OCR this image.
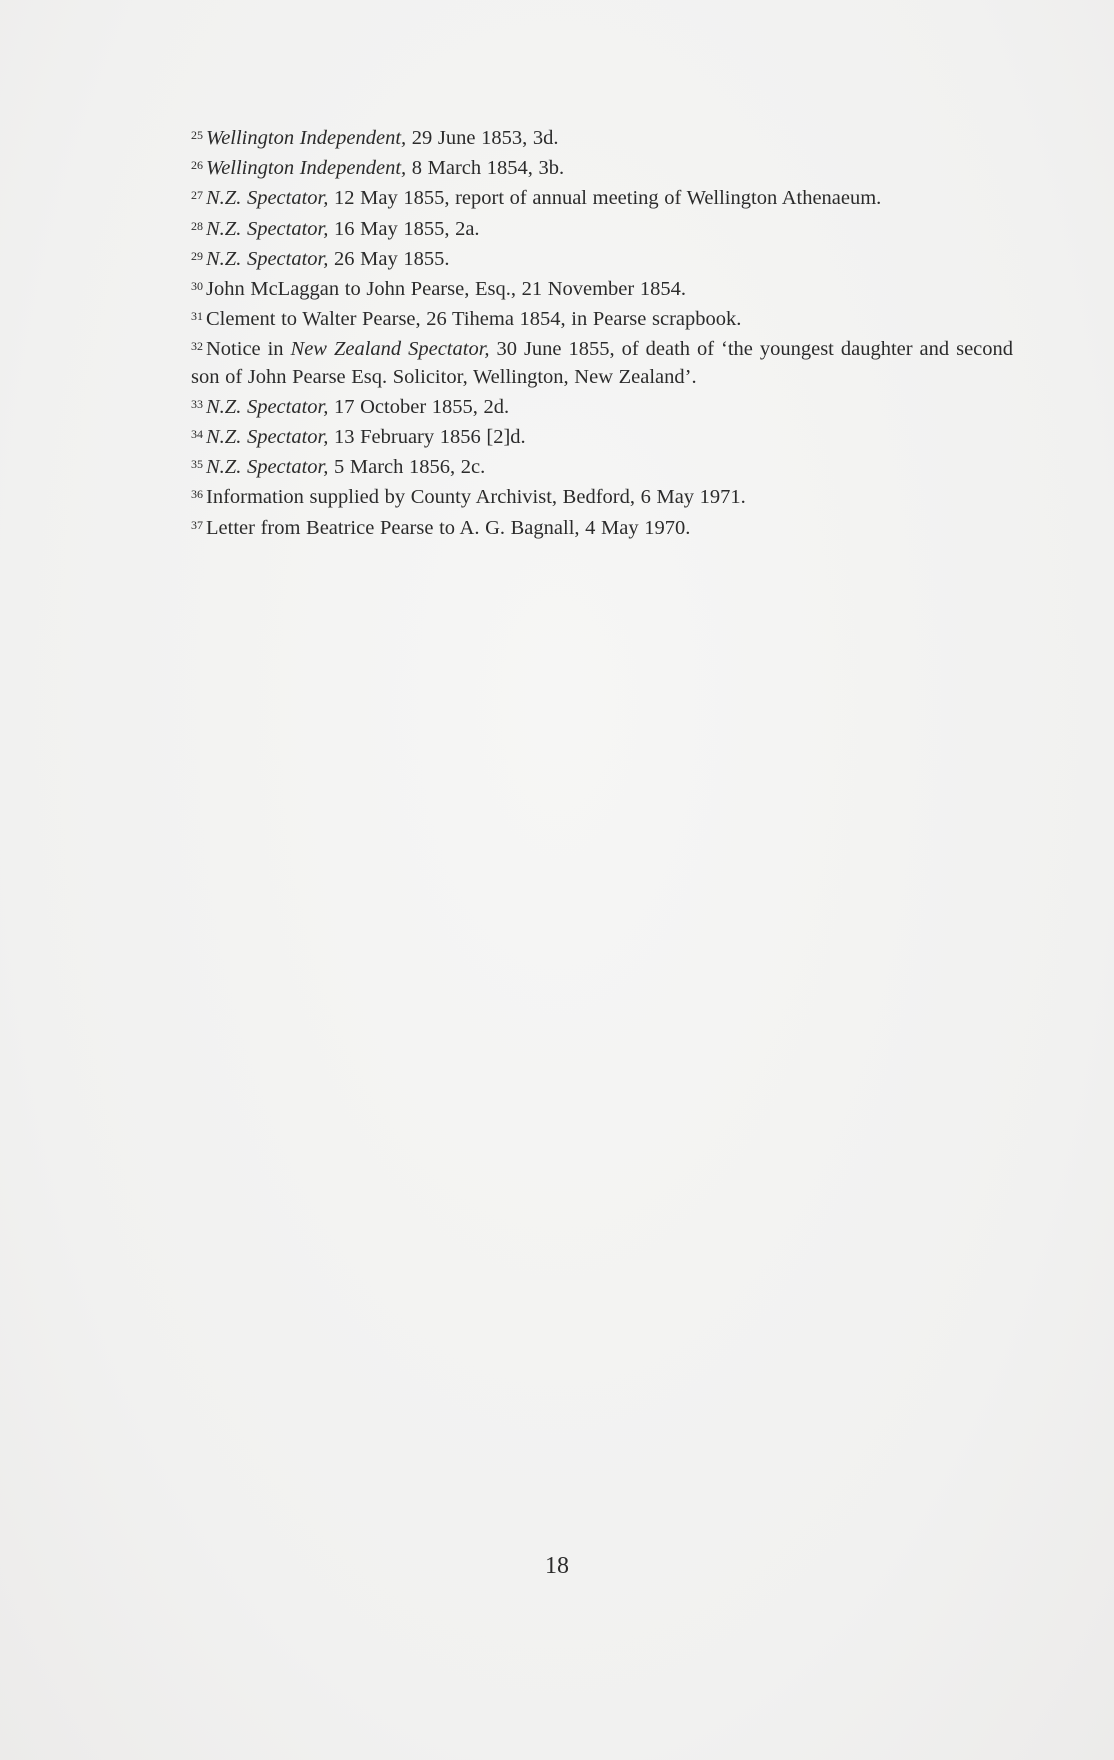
$^{25}$ Wellington Independent, 29 June 1853, 3d.

$^{26}$ Wellington Independent, 8 March 1854, 3b.

$^{27}$ N.Z. Spectator, 12 May 1855, report of annual meeting of Wellington Athenaeum.

$^{28}$ N.Z. Spectator, 16 May 1855, 2a.

$^{29}$ N.Z. Spectator, 26 May 1855.

$^{30}$ John McLaggan to John Pearse, Esq., 21 November 1854.

$^{31}$ Clement to Walter Pearse, 26 Tihema 1854, in Pearse scrapbook.

$^{32}$ Notice in New Zealand Spectator, 30 June 1855, of death of ‘the youngest daughter and second son of John Pearse Esq. Solicitor, Wellington, New Zealand’.

$^{33}$ N.Z. Spectator, 17 October 1855, 2d.

$^{34}$ N.Z. Spectator, 13 February 1856 [2]d.

$^{35}$ N.Z. Spectator, 5 March 1856, 2c.

$^{36}$ Information supplied by County Archivist, Bedford, 6 May 1971.

$^{37}$ Letter from Beatrice Pearse to A. G. Bagnall, 4 May 1970.

18
